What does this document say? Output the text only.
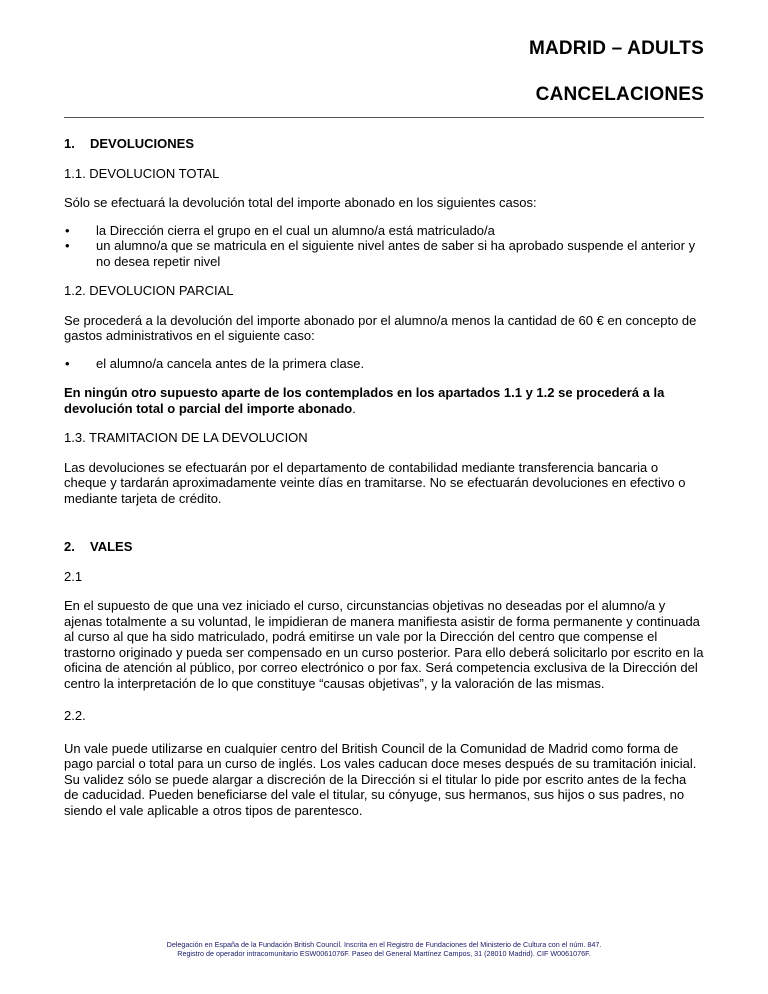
MADRID – ADULTS
CANCELACIONES

1.	DEVOLUCIONES

1.1. DEVOLUCION TOTAL

Sólo se efectuará la devolución total del importe abonado en los siguientes casos:

• la Dirección cierra el grupo en el cual un alumno/a está matriculado/a
• un alumno/a que se matricula en el siguiente nivel antes de saber si ha aprobado suspende el anterior y no desea repetir nivel

1.2. DEVOLUCION PARCIAL

Se procederá a la devolución del importe abonado por el alumno/a menos la cantidad de 60 € en concepto de gastos administrativos en el siguiente caso:

• el alumno/a cancela antes de la primera clase.

En ningún otro supuesto aparte de los contemplados en los apartados 1.1 y 1.2 se procederá a la devolución total o parcial del importe abonado.

1.3. TRAMITACION DE LA DEVOLUCION

Las devoluciones se efectuarán por el departamento de contabilidad mediante transferencia bancaria o cheque y tardarán aproximadamente veinte días en tramitarse. No se efectuarán devoluciones en efectivo o mediante tarjeta de crédito.

2.	VALES

2.1

En el supuesto de que una vez iniciado el curso, circunstancias objetivas no deseadas por el alumno/a y ajenas totalmente a su voluntad, le impidieran de manera manifiesta asistir de forma permanente y continuada al curso al que ha sido matriculado, podrá emitirse un vale por la Dirección del centro que compense el trastorno originado y pueda ser compensado en un curso posterior. Para ello deberá solicitarlo por escrito en la oficina de atención al público, por correo electrónico o por fax. Será competencia exclusiva de la Dirección del centro la interpretación de lo que constituye “causas objetivas”, y la valoración de las mismas.

2.2.

Un vale puede utilizarse en cualquier centro del British Council de la Comunidad de Madrid como forma de pago parcial o total para un curso de inglés. Los vales caducan doce meses después de su tramitación inicial. Su validez sólo se puede alargar a discreción de la Dirección si el titular lo pide por escrito antes de la fecha de caducidad. Pueden beneficiarse del vale el titular, su cónyuge, sus hermanos, sus hijos o sus padres, no siendo el vale aplicable a otros tipos de parentesco.

Delegación en España de la Fundación British Council. Inscrita en el Registro de Fundaciones del Ministerio de Cultura con el núm. 847.
Registro de operador intracomunitario ESW0061076F. Paseo del General Martínez Campos, 31 (28010 Madrid). CIF W0061076F.
